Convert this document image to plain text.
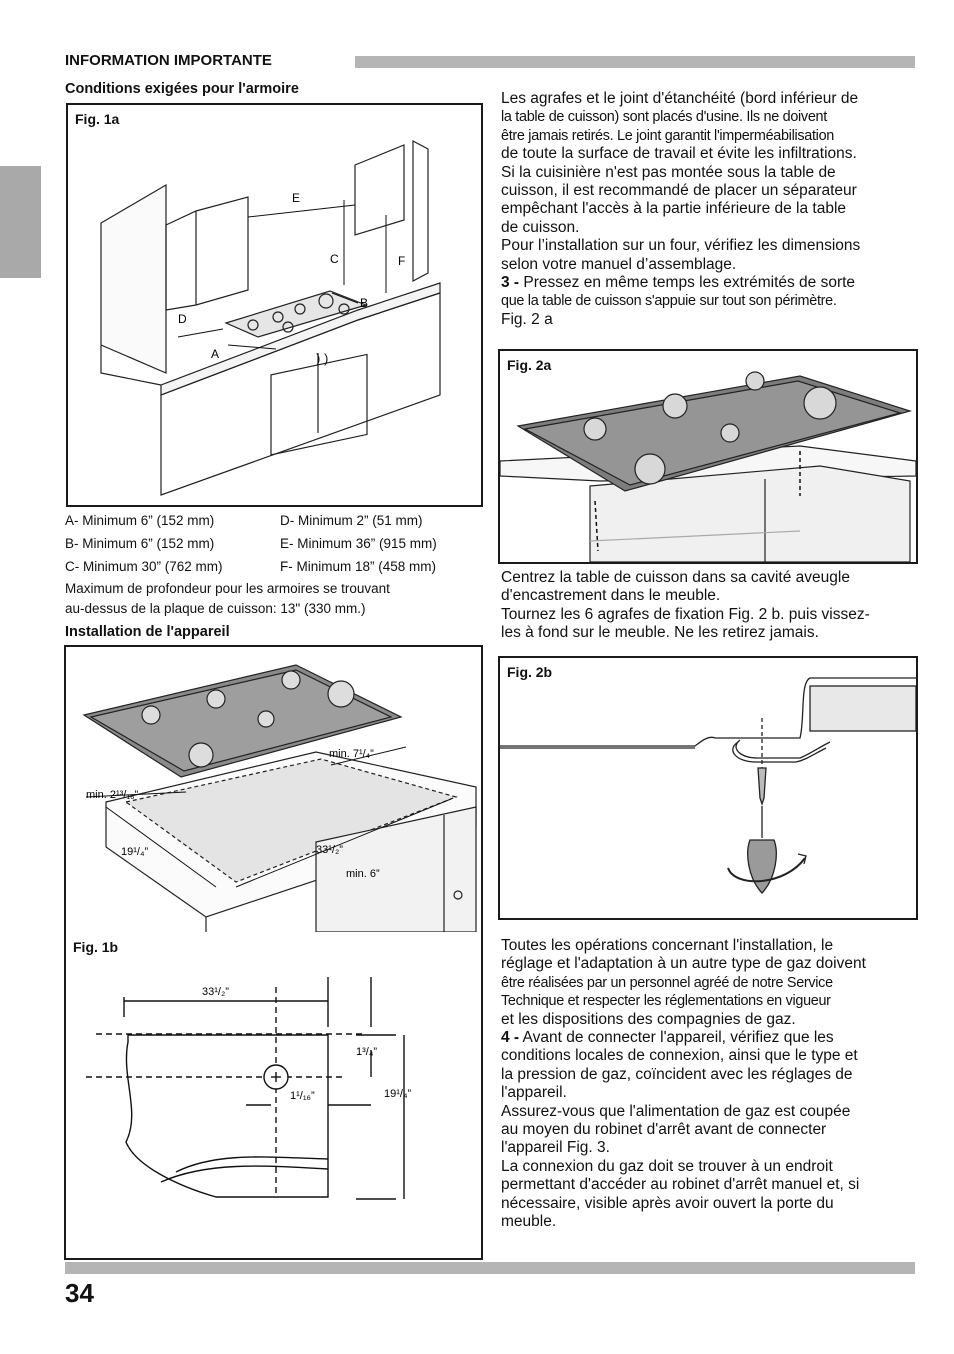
INFORMATION IMPORTANTE
Conditions exigées pour l'armoire
Fig. 1a
) )
E
C	F
B
D
A
A- Minimum 6” (152 mm)	D- Minimum 2” (51 mm)
B- Minimum 6” (152 mm)	E- Minimum 36” (915 mm)
C- Minimum 30” (762 mm)	F- Minimum 18” (458 mm)
Maximum de profondeur pour les armoires se trouvant
au-dessus de la plaque de cuisson: 13" (330 mm.)
Installation de l'appareil
min. 7¹/₄”
min. 2¹³/₁₆”
19¹/₄”	33¹/₂”
min. 6”
Fig. 1b
33¹/₂”
1³/₄”
1¹/₁₆”	19¹/₄”

Les agrafes et le joint d'étanchéité (bord inférieur de

la table de cuisson) sont placés d'usine. Ils ne doivent

être jamais retirés. Le joint garantit l'imperméabilisation

de toute la surface de travail et évite les infiltrations.

Si la cuisinière n'est pas montée sous la table de

cuisson, il est recommandé de placer un séparateur

empêchant l'accès à la partie inférieure de la table

de cuisson.

Pour l’installation sur un four, vérifiez les dimensions

selon votre manuel d’assemblage.

3 - Pressez en même temps les extrémités de sorte

que la table de cuisson s'appuie sur tout son périmètre.

Fig. 2 a

Fig. 2a

Centrez la table de cuisson dans sa cavité aveugle

d'encastrement dans le meuble.

Tournez les 6 agrafes de fixation Fig. 2 b. puis vissez-

les à fond sur le meuble. Ne les retirez jamais.

Fig. 2b

Toutes les opérations concernant l'installation, le

réglage et l'adaptation à un autre type de gaz doivent

être réalisées par un personnel agréé de notre Service

Technique et respecter les réglementations en vigueur

et les dispositions des compagnies de gaz.

4 - Avant de connecter l'appareil, vérifiez que les

conditions locales de connexion, ainsi que le type et

la pression de gaz, coïncident avec les réglages de

l'appareil.

Assurez-vous que l'alimentation de gaz est coupée

au moyen du robinet d'arrêt avant de connecter

l'appareil Fig. 3.

La connexion du gaz doit se trouver à un endroit

permettant d'accéder au robinet d'arrêt manuel et, si

nécessaire, visible après avoir ouvert la porte du

meuble.

34
